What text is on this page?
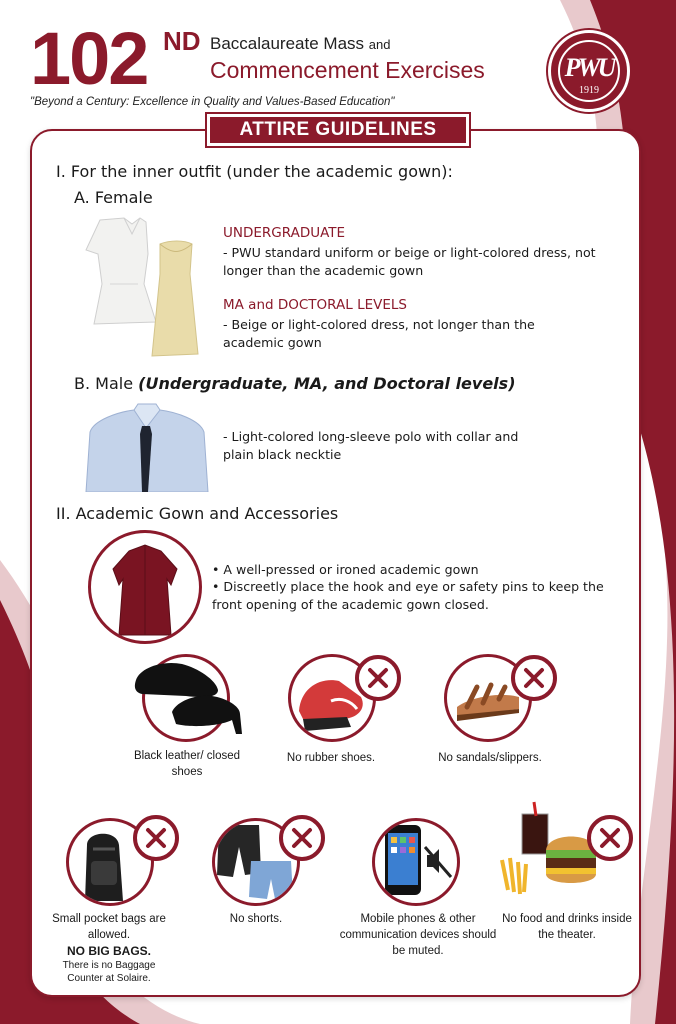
102 ND Baccalaureate Mass and
Commencement Exercises
"Beyond a Century: Excellence in Quality and Values-Based Education"
PWU
1919
ATTIRE GUIDELINES
I. For the inner outfit (under the academic gown):
A. Female
UNDERGRADUATE
- PWU standard uniform or beige or light-colored dress, not longer than the academic gown
MA and DOCTORAL LEVELS
- Beige or light-colored dress, not longer than the academic gown
B. Male (Undergraduate, MA, and Doctoral levels)
- Light-colored long-sleeve polo with collar and plain black necktie
II. Academic Gown and Accessories
• A well-pressed or ironed academic gown
• Discreetly place the hook and eye or safety pins to keep the front opening of the academic gown closed.
Black leather/ closed shoes
No rubber shoes.	No sandals/slippers.
Small pocket bags are allowed.
NO BIG BAGS.
There is no Baggage Counter at Solaire.
No shorts.	Mobile phones & other communication devices should be muted.
No food and drinks inside the theater.
